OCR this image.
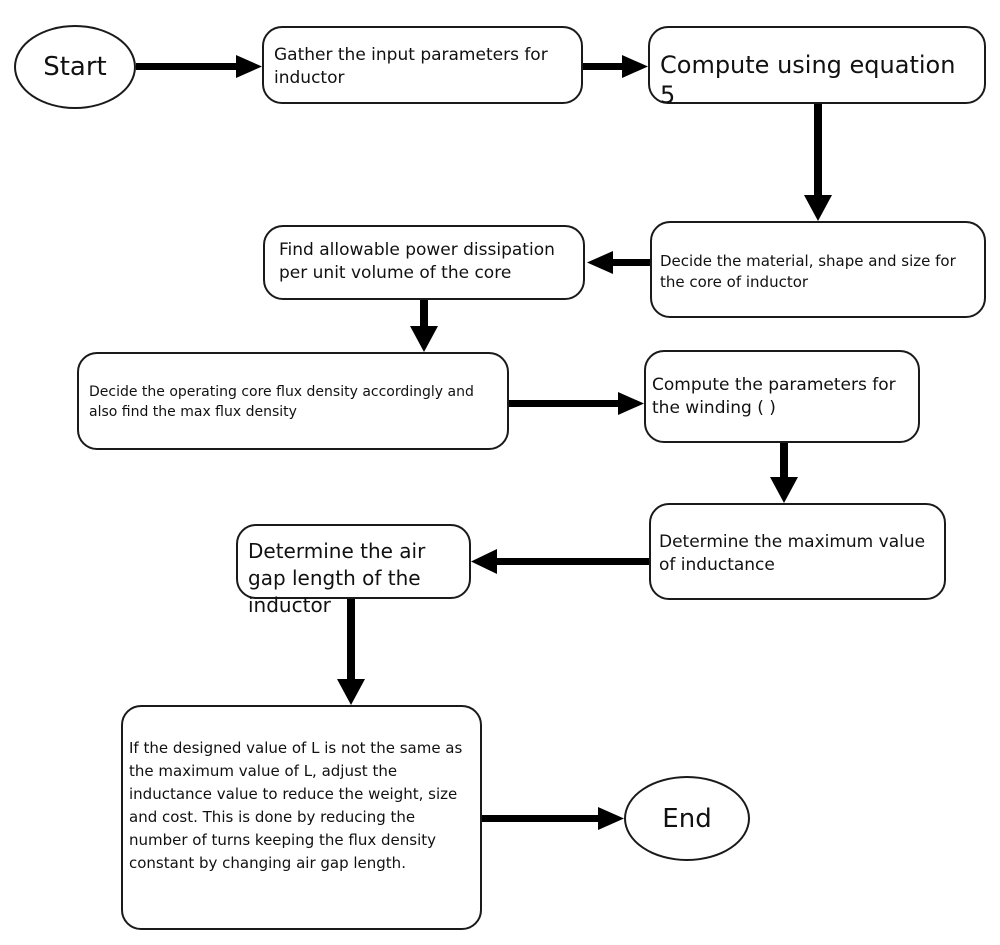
Start	Gather the input parameters for inductor	Compute using equation 5
Decide the material, shape and size for the core of inductor
Find allowable power dissipation per unit volume of the core
Decide the operating core flux density accordingly and also find the max flux density
Compute the parameters for the winding ( )
Determine the maximum value of inductance
Determine the air gap length of the inductor
If the designed value of L is not the same as the maximum value of L, adjust the inductance value to reduce the weight, size and cost. This is done by reducing the number of turns keeping the flux density constant by changing air gap length.
End
